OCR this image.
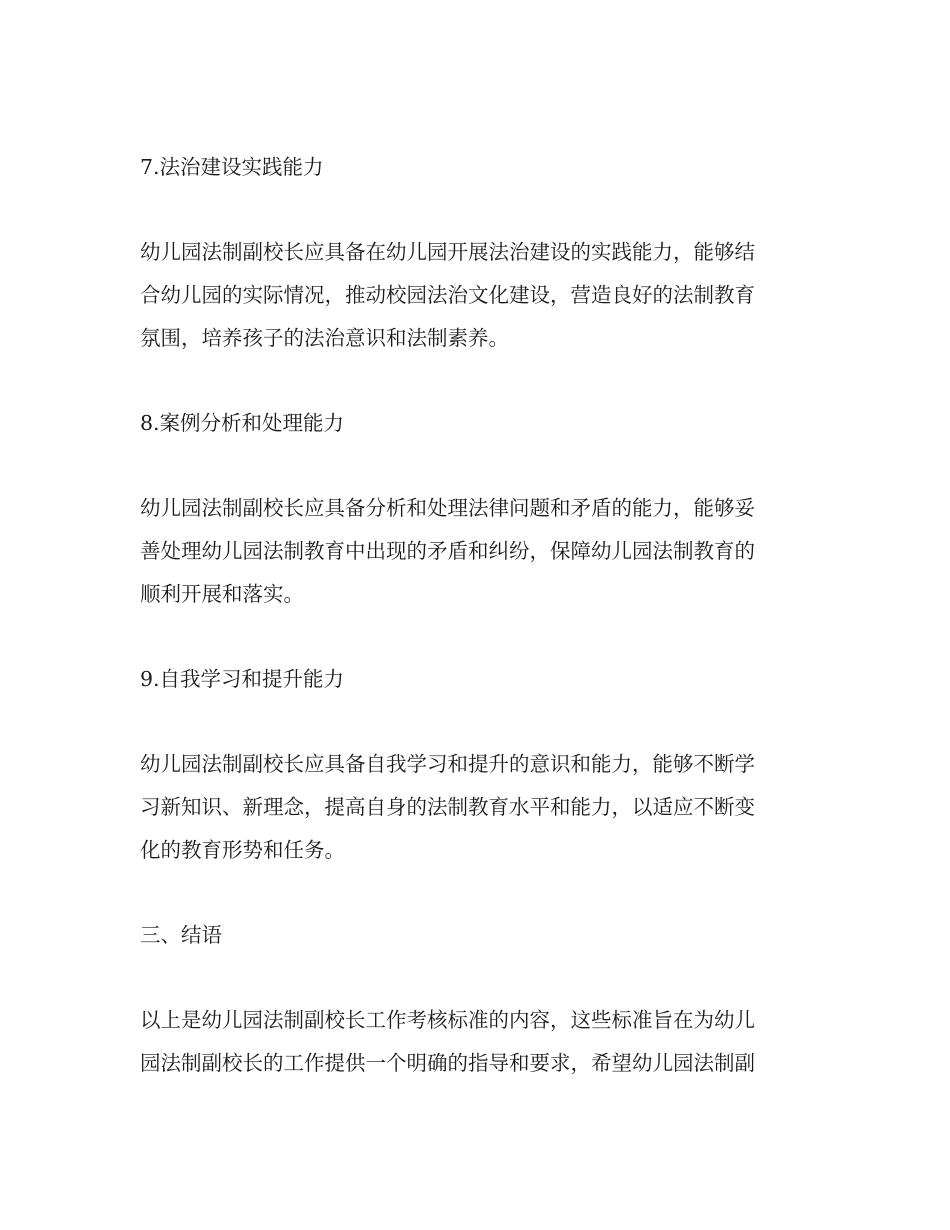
7.法治建设实践能力
幼儿园法制副校长应具备在幼儿园开展法治建设的实践能力，能够结
合幼儿园的实际情况，推动校园法治文化建设，营造良好的法制教育
氛围，培养孩子的法治意识和法制素养。
8.案例分析和处理能力
幼儿园法制副校长应具备分析和处理法律问题和矛盾的能力，能够妥
善处理幼儿园法制教育中出现的矛盾和纠纷，保障幼儿园法制教育的
顺利开展和落实。
9.自我学习和提升能力
幼儿园法制副校长应具备自我学习和提升的意识和能力，能够不断学
习新知识、新理念，提高自身的法制教育水平和能力，以适应不断变
化的教育形势和任务。
三、结语
以上是幼儿园法制副校长工作考核标准的内容，这些标准旨在为幼儿
园法制副校长的工作提供一个明确的指导和要求，希望幼儿园法制副
